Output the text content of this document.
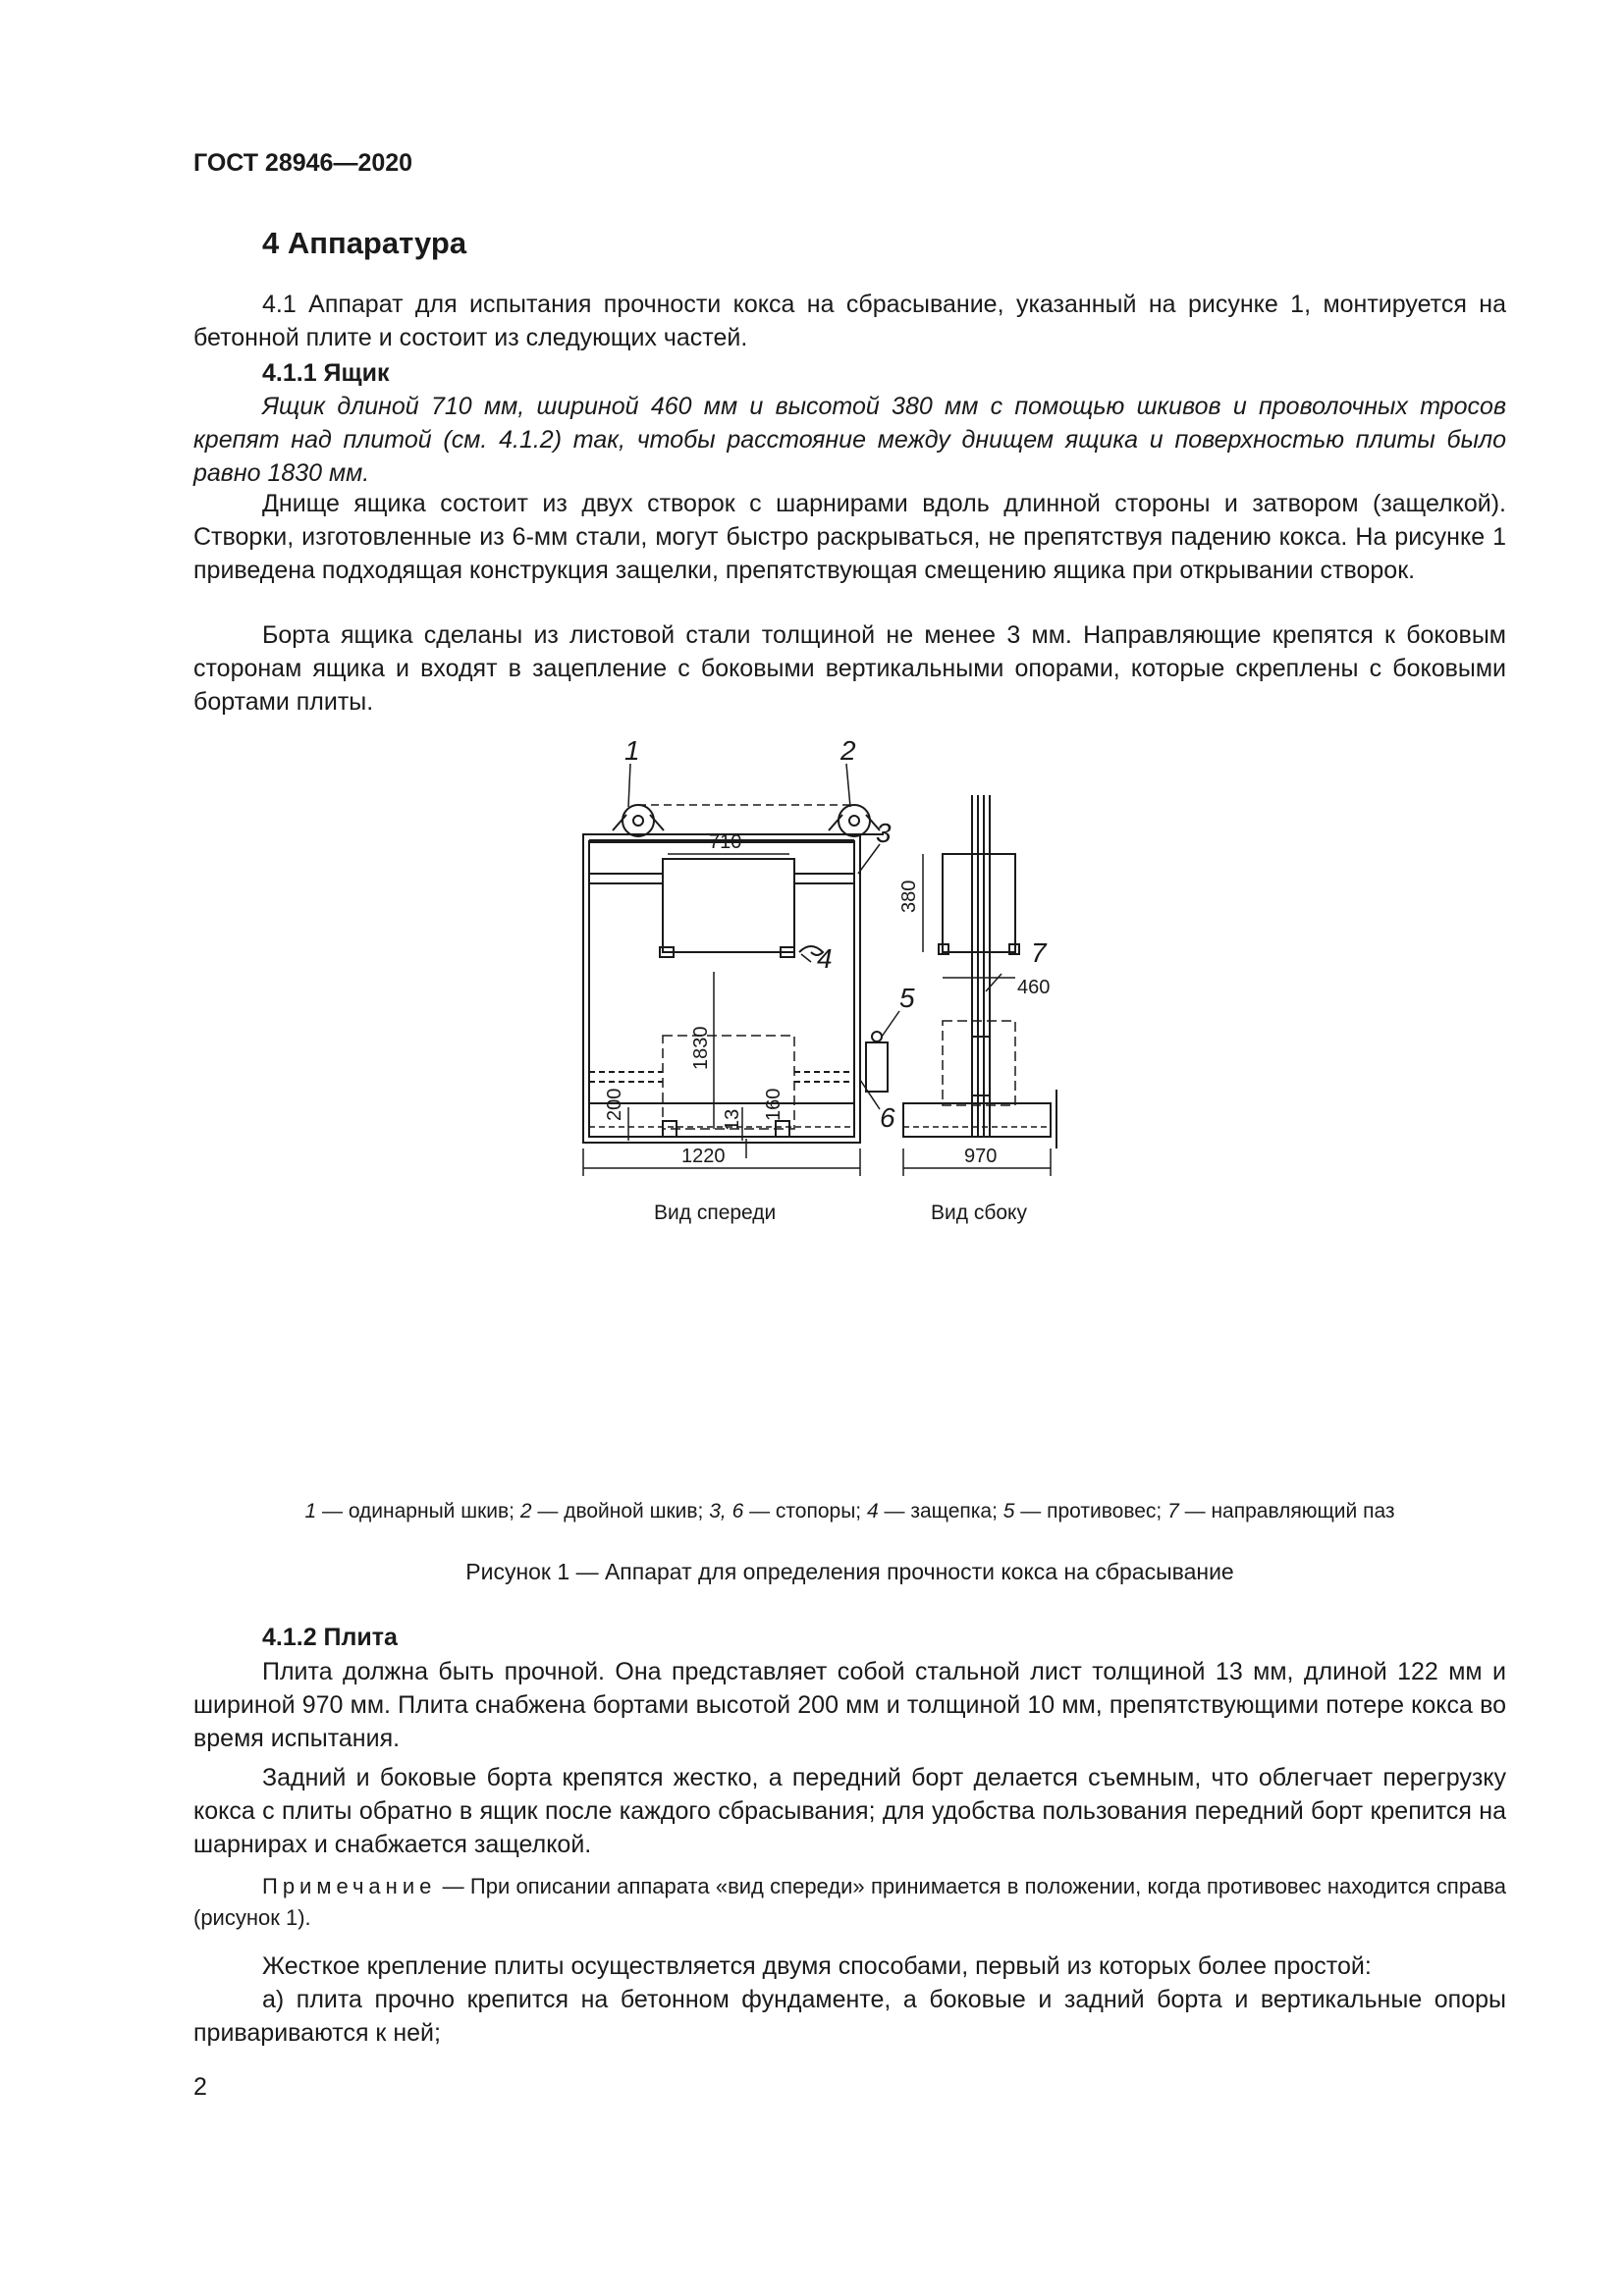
ГОСТ 28946—2020
4 Аппаратура

4.1 Аппарат для испытания прочности кокса на сбрасывание, указанный на рисунке 1, монтируется на бетонной плите и состоит из следующих частей.

4.1.1 Ящик

Ящик длиной 710 мм, шириной 460 мм и высотой 380 мм с помощью шкивов и проволочных тросов крепят над плитой (см. 4.1.2) так, чтобы расстояние между днищем ящика и поверхностью плиты было равно 1830 мм.

Днище ящика состоит из двух створок с шарнирами вдоль длинной стороны и затвором (защелкой). Створки, изготовленные из 6-мм стали, могут быстро раскрываться, не препятствуя падению кокса. На рисунке 1 приведена подходящая конструкция защелки, препятствующая смещению ящика при открывании створок.

Борта ящика сделаны из листовой стали толщиной не менее 3 мм. Направляющие крепятся к боковым сторонам ящика и входят в зацепление с боковыми вертикальными опорами, которые скреплены с боковыми бортами плиты.

1	2
3
4
5
6
7
710
380
460
1830
200	160
13
1220	970
Вид спереди	Вид сбоку
1 — одинарный шкив; 2 — двойной шкив; 3, 6 — стопоры; 4 — защепка; 5 — противовес; 7 — направляющий паз
Рисунок 1 — Аппарат для определения прочности кокса на сбрасывание
4.1.2 Плита

Плита должна быть прочной. Она представляет собой стальной лист толщиной 13 мм, длиной 122 мм и шириной 970 мм. Плита снабжена бортами высотой 200 мм и толщиной 10 мм, препятствующими потере кокса во время испытания.

Задний и боковые борта крепятся жестко, а передний борт делается съемным, что облегчает перегрузку кокса с плиты обратно в ящик после каждого сбрасывания; для удобства пользования передний борт крепится на шарнирах и снабжается защелкой.

Примечание — При описании аппарата «вид спереди» принимается в положении, когда противовес находится справа (рисунок 1).

Жесткое крепление плиты осуществляется двумя способами, первый из которых более простой:

а) плита прочно крепится на бетонном фундаменте, а боковые и задний борта и вертикальные опоры привариваются к ней;

2
